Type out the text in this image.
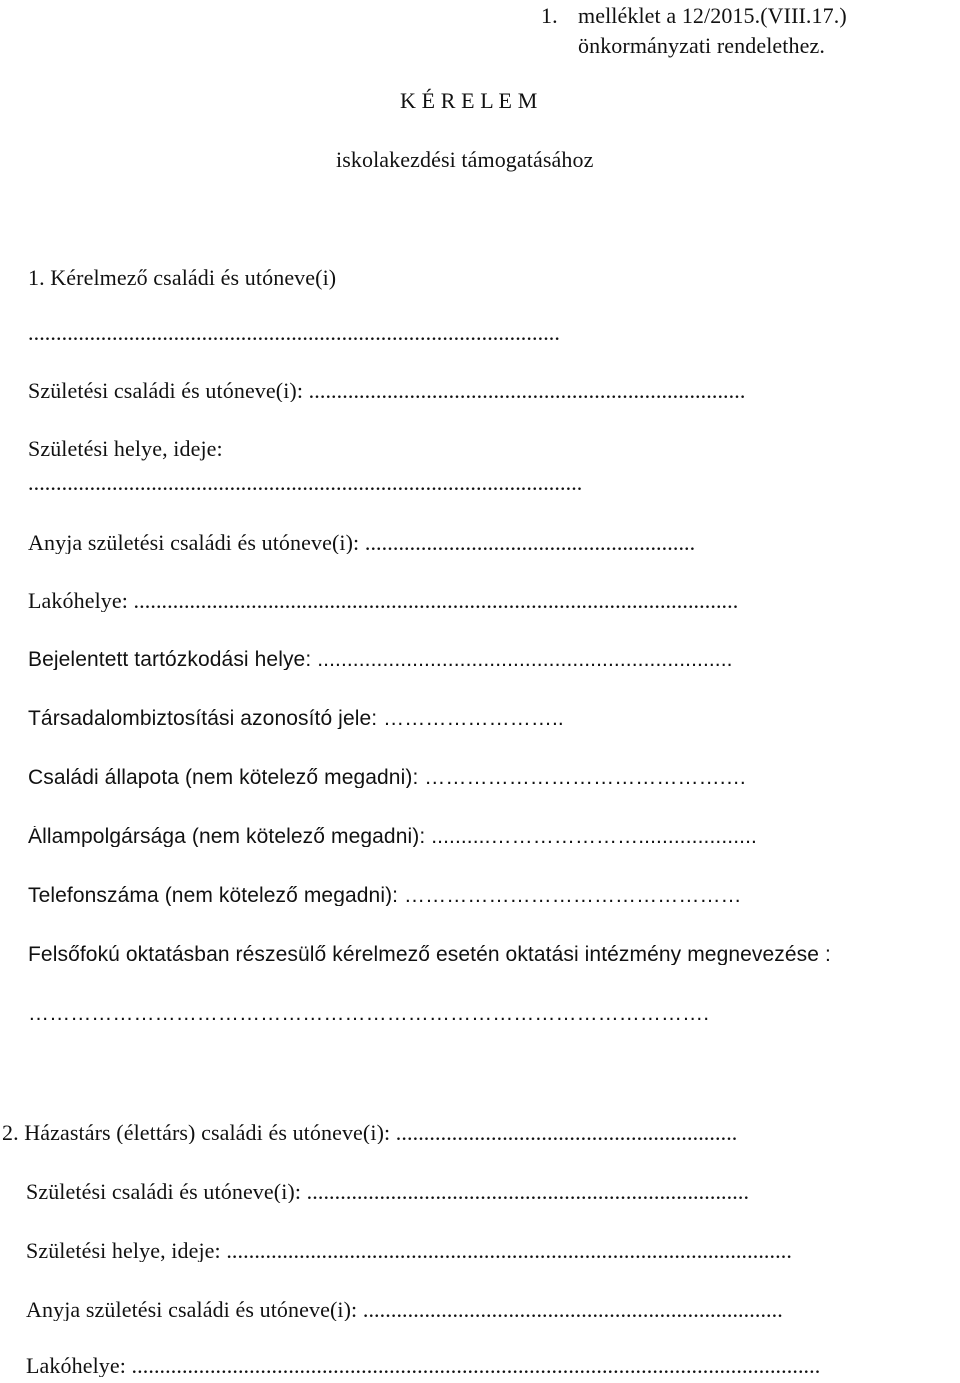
1. melléklet a 12/2015.(VIII.17.)
önkormányzati rendelethez.
K É R E L E M
iskolakezdési támogatásához
1. Kérelmező családi és utóneve(i)
...............................................................................................
Születési családi és utóneve(i): ..............................................................................
Születési helye, ideje:
...................................................................................................
Anyja születési családi és utóneve(i): ...........................................................
Lakóhelye: ............................................................................................................
Bejelentett tartózkodási helye: ......................................................................
Társadalombiztosítási azonosító jele: ……………………..
Családi állapota (nem kötelező megadni): …………………………………….…
Állampolgársága (nem kötelező megadni): ..........…………………....................
Telefonszáma (nem kötelező megadni): …………………………………………
Felsőfokú oktatásban részesülő kérelmező esetén oktatási intézmény megnevezése :
…………………………………………………………………………………….
2. Házastárs (élettárs) családi és utóneve(i): .............................................................
Születési családi és utóneve(i): ...............................................................................
Születési helye, ideje: .....................................................................................................
Anyja születési családi és utóneve(i): ...........................................................................
Lakóhelye: ...........................................................................................................................
